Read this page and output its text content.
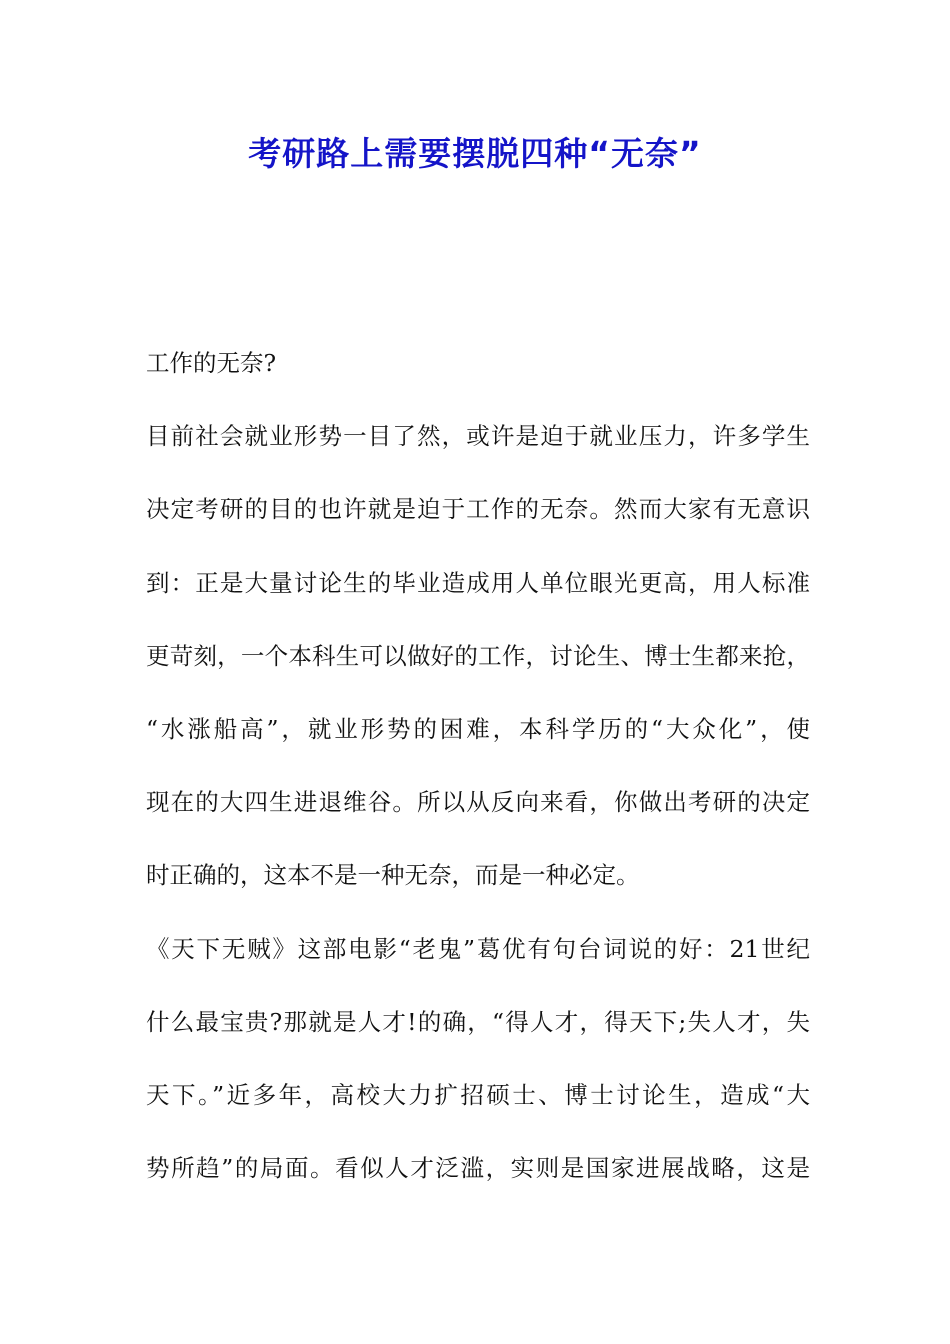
考研路上需要摆脱四种“无奈”
工作的无奈?
目前社会就业形势一目了然，或许是迫于就业压力，许多学生
决定考研的目的也许就是迫于工作的无奈。然而大家有无意识
到：正是大量讨论生的毕业造成用人单位眼光更高，用人标准
更苛刻，一个本科生可以做好的工作，讨论生、博士生都来抢，
“水涨船高”，就业形势的困难，本科学历的“大众化”，使
现在的大四生进退维谷。所以从反向来看，你做出考研的决定
时正确的，这本不是一种无奈，而是一种必定。
《天下无贼》这部电影“老鬼”葛优有句台词说的好：21世纪
什么最宝贵?那就是人才!的确，“得人才，得天下;失人才，失
天下。”近多年，高校大力扩招硕士、博士讨论生，造成“大
势所趋”的局面。看似人才泛滥，实则是国家进展战略，这是
